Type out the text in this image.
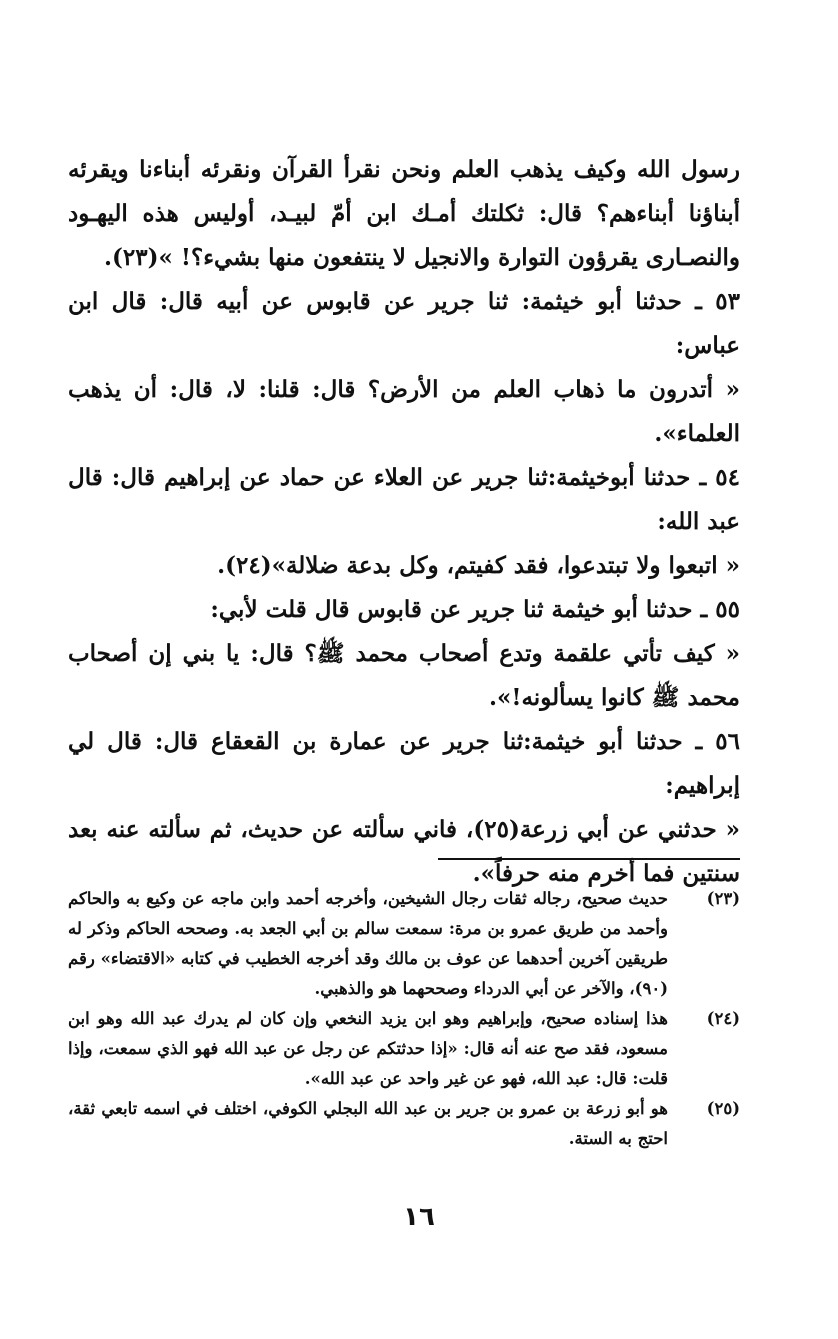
رسول الله وكيف يذهب العلم ونحن نقرأ القرآن ونقرئه أبناءنا ويقرئه أبناؤنا أبناءهم؟ قال: ثكلتك أمـك ابن أمّ لبيـد، أوليس هذه اليهـود والنصـارى يقرؤون التوارة والانجيل لا ينتفعون منها بشيء؟! »(٢٣).

٥٣ ـ حدثنا أبو خيثمة: ثنا جرير عن قابوس عن أبيه قال: قال ابن عباس:

« أتدرون ما ذهاب العلم من الأرض؟ قال: قلنا: لا، قال: أن يذهب العلماء».

٥٤ ـ حدثنا أبوخيثمة:ثنا جرير عن العلاء عن حماد عن إبراهيم قال: قال عبد الله:

« اتبعوا ولا تبتدعوا، فقد كفيتم، وكل بدعة ضلالة»(٢٤).

٥٥ ـ حدثنا أبو خيثمة ثنا جرير عن قابوس قال قلت لأبي:

« كيف تأتي علقمة وتدع أصحاب محمد ﷺ؟ قال: يا بني إن أصحاب محمد ﷺ كانوا يسألونه!».

٥٦ ـ حدثنا أبو خيثمة:ثنا جرير عن عمارة بن القعقاع قال: قال لي إبراهيم:

« حدثني عن أبي زرعة(٢٥)، فاني سألته عن حديث، ثم سألته عنه بعد سنتين فما أخرم منه حرفاً».

(٢٣)
حديث صحيح، رجاله ثقات رجال الشيخين، وأخرجه أحمد وابن ماجه عن وكيع به والحاكم وأحمد من طريق عمرو بن مرة: سمعت سالم بن أبي الجعد به. وصححه الحاكم وذكر له طريقين آخرين أحدهما عن عوف بن مالك وقد أخرجه الخطيب في كتابه «الاقتضاء» رقم (٩٠)، والآخر عن أبي الدرداء وصححهما هو والذهبي.
(٢٤)
هذا إسناده صحيح، وإبراهيم وهو ابن يزيد النخعي وإن كان لم يدرك عبد الله وهو ابن مسعود، فقد صح عنه أنه قال: «إذا حدثتكم عن رجل عن عبد الله فهو الذي سمعت، وإذا قلت: قال: عبد الله، فهو عن غير واحد عن عبد الله».
(٢٥)
هو أبو زرعة بن عمرو بن جرير بن عبد الله البجلي الكوفي، اختلف في اسمه تابعي ثقة، احتج به الستة.
١٦
